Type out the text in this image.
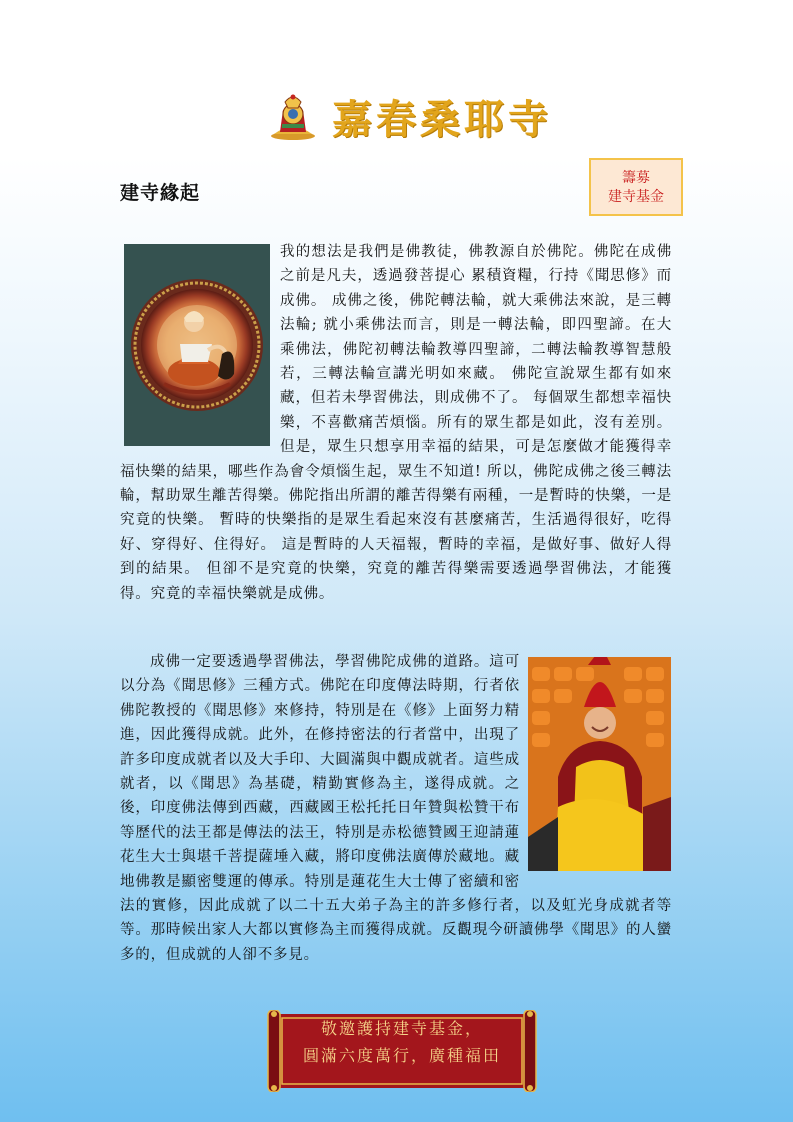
嘉春桑耶寺
籌募
建寺基金
建寺緣起

我的想法是我們是佛教徒，佛教源自於佛陀。佛陀在成佛之前是凡夫，透過發菩提心 累積資糧，行持《聞思修》而成佛。 成佛之後，佛陀轉法輪，就大乘佛法來說，是三轉法輪; 就小乘佛法而言，則是一轉法輪，即四聖諦。在大乘佛法，佛陀初轉法輪教導四聖諦，二轉法輪教導智慧般若，三轉法輪宣講光明如來藏。 佛陀宣說眾生都有如來藏，但若未學習佛法，則成佛不了。 每個眾生都想幸福快樂，不喜歡痛苦煩惱。所有的眾生都是如此，沒有差別。但是，眾生只想享用幸福的結果，可是怎麼做才能獲得幸福快樂的結果，哪些作為會令煩惱生起，眾生不知道! 所以，佛陀成佛之後三轉法輪，幫助眾生離苦得樂。佛陀指出所謂的離苦得樂有兩種，一是暫時的快樂，一是究竟的快樂。 暫時的快樂指的是眾生看起來沒有甚麼痛苦，生活過得很好，吃得好、穿得好、住得好。 這是暫時的人天福報，暫時的幸福，是做好事、做好人得到的結果。 但卻不是究竟的快樂，究竟的離苦得樂需要透過學習佛法，才能獲得。究竟的幸福快樂就是成佛。

成佛一定要透過學習佛法，學習佛陀成佛的道路。這可以分為《聞思修》三種方式。佛陀在印度傳法時期，行者依佛陀教授的《聞思修》來修持，特別是在《修》上面努力精進，因此獲得成就。此外，在修持密法的行者當中，出現了許多印度成就者以及大手印、大圓滿與中觀成就者。這些成就者，以《聞思》為基礎，精勤實修為主，遂得成就。之後，印度佛法傳到西藏，西藏國王松托托日年贊與松贊干布等歷代的法王都是傳法的法王，特別是赤松德贊國王迎請蓮花生大士與堪千菩提薩埵入藏，將印度佛法廣傳於藏地。藏地佛教是顯密雙運的傳承。特別是蓮花生大士傳了密續和密法的實修，因此成就了以二十五大弟子為主的許多修行者，以及虹光身成就者等等。那時候出家人大都以實修為主而獲得成就。反觀現今研讀佛學《聞思》的人蠻多的，但成就的人卻不多見。

敬邀護持建寺基金，
圓滿六度萬行，廣種福田
